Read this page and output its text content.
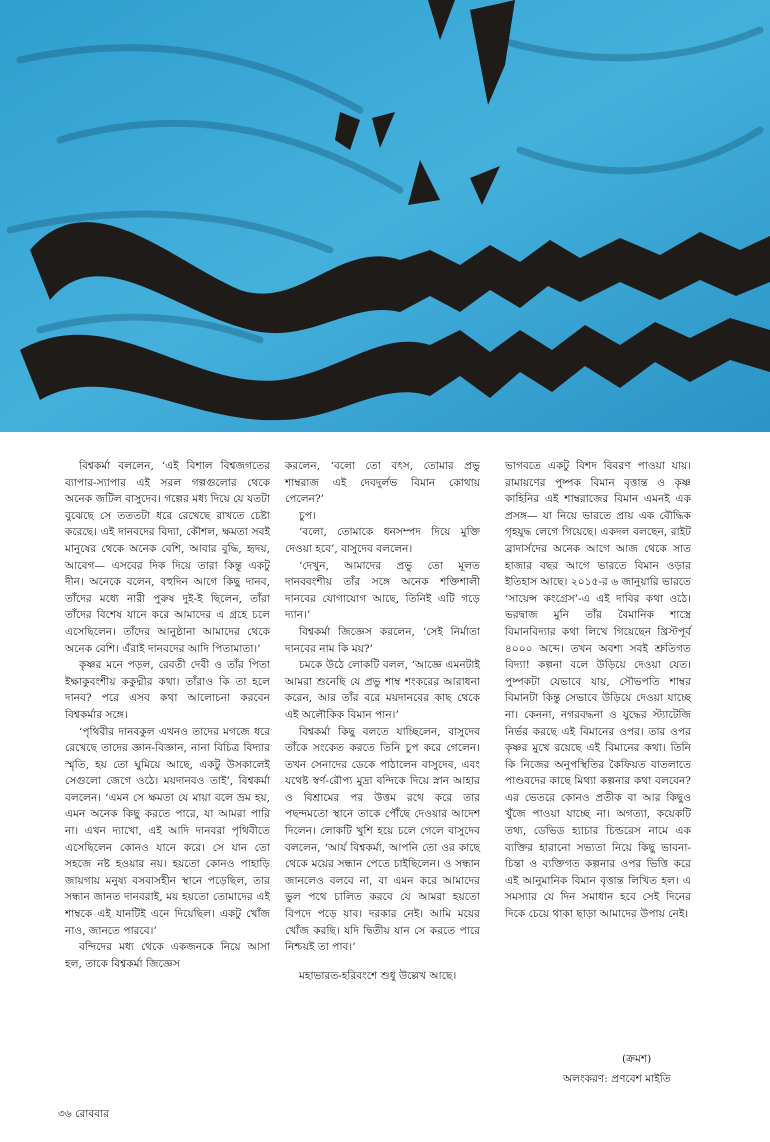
বিশ্বকর্মা বললেন, ‘এই বিশাল বিশ্বজগতের ব্যাপার-স্যাপার এই সরল গল্পগুলোর থেকে অনেক জটিল বাসুদেব। গল্পের মধ্য দিয়ে যে যতটা বুঝেছে সে তততটা ধরে রেখেছে রাখতে চেষ্টা করেছে। এই দানবদের বিদ্যা, কৌশল, ক্ষমতা সবই মানুষের থেকে অনেক বেশি, আবার বুদ্ধি, হৃদয়, আবেগ— এসবের দিক দিয়ে তারা কিন্তু একটু দীন। অনেকে বলেন, বহুদিন আগে কিছু দানব, তাঁদের মধ্যে নারী পুরুষ দুই-ই ছিলেন, তাঁরা তাঁদের বিশেষ যানে করে আমাদের এ গ্রহে চলে এসেছিলেন। তাঁদের আনুষ্ঠানা আমাদের থেকে অনেক বেশি। এঁরাই দানবদের আদি পিতামাতা।’

কৃষ্ণর মনে পড়ল, রেবতী দেবী ও তাঁর পিতা ইক্ষাকুবংশীয় ককুদ্মীর কথা। তাঁরাও কি তা হলে দানব? পরে এসব কথা আলোচনা করবেন বিশ্বকর্মার সঙ্গে।

‘পৃথিবীর দানবকুল এখনও তাদের মগজে ধরে রেখেছে তাদের জ্ঞান-বিজ্ঞান, নানা বিচিত্র বিদ্যার স্মৃতি, হয় তো ঘুমিয়ে আছে, একটু উসকালেই সেগুলো জেগে ওঠে। ময়দানবও তাই’, বিশ্বকর্মা বললেন। ‘এমন সে ক্ষমতা যে মায়া বলে ভ্রম হয়, এমন অনেক কিছু করতে পারে, যা আমরা পারি না। এখন দ্যাখো, এই আদি দানবরা পৃথিবীতে এসেছিলেন কোনও যানে করে। সে যান তো সহজে নষ্ট হওয়ার নয়। হয়তো কোনও পাহাড়ি জায়গায় মনুষ্য বসবাসহীন স্থানে পড়েছিল, তার সন্ধান জানত দানবরাই, ময় হয়তো তোমাদের এই শাম্বকে এই যানটিই এনে দিয়েছিল। একটু খোঁজ নাও, জানতে পারবে।’

বন্দিদের মধ্য থেকে একজনকে নিয়ে আসা হল, তাকে বিশ্বকর্মা জিজ্ঞেস

করলেন, ‘বলো তো বৎস, তোমার প্রভু শাম্বরাজ এই দেবদুর্লভ বিমান কোথায় পেলেন?’

চুপ।

‘বলো, তোমাকে ধনসম্পদ দিয়ে মুক্তি দেওয়া হবে’, বাসুদেব বললেন।

‘দেখুন, আমাদের প্রভু তো মূলত দানববংশীয় তাঁর সঙ্গে অনেক শক্তিশালী দানবের যোগাযোগ আছে, তিনিই এটি গড়ে দ্যান।’

বিশ্বকর্মা জিজ্ঞেস করলেন, ‘সেই নির্মাতা দানবের নাম কি ময়?’

চমকে উঠে লোকটি বলল, ‘আজ্ঞে এমনটাই আমরা শুনেছি যে প্রভু শাম্ব শংকরের আরাধনা করেন, আর তাঁর বরে ময়দানবের কাছ থেকে এই অলৌকিক বিমান পান।’

বিশ্বকর্মা কিছু বলতে যাচ্ছিলেন, বাসুদেব তাঁকে সংকেত করতে তিনি চুপ করে গেলেন। তখন সেনাদের ডেকে পাঠালেন বাসুদেব, এবং যথেষ্ট স্বর্ণ-রৌপ্য মুদ্রা বন্দিকে দিয়ে স্নান আহার ও বিশ্রামের পর উত্তম রথে করে তার পছন্দমতো স্থানে তাকে পৌঁছে দেওয়ার আদেশ দিলেন। লোকটি খুশি হয়ে চলে গেলে বাসুদেব বললেন, ‘আর্য বিশ্বকর্মা, আপনি তো ওর কাছে থেকে ময়ের সন্ধান পেতে চাইছিলেন। ও সন্ধান জানলেও বলবে না, বা এমন করে আমাদের ভুল পথে চালিত করবে যে আমরা হয়তো বিপদে পড়ে যাব। দরকার নেই। আমি ময়ের খোঁজ করছি। যদি দ্বিতীয় যান সে করতে পারে নিশ্চয়ই তা পাব।’

মহাভারত-হরিবংশে শুধু উল্লেখ আছে।

ভাগবতে একটু বিশদ বিবরণ পাওয়া যায়। রামায়ণের পুষ্পক বিমান বৃত্তান্ত ও কৃষ্ণ কাহিনির এই শাম্বরাজের বিমান এমনই এক প্রসঙ্গ— যা নিয়ে ভারতে প্রায় এক বৌদ্ধিক গৃহযুদ্ধ লেগে গিয়েছে। একদল বলছেন, রাইট ব্রাদার্সদের অনেক আগে আজ থেকে সাত হাজার বছর আগে ভারতে বিমান ওড়ার ইতিহাস আছে। ২০১৫-র ৬ জানুয়ারি ভারতে ‘সায়েন্স কংগ্রেস’-এ এই দাবির কথা ওঠে। ভরদ্বাজ মুনি তাঁর বৈমানিক শাস্ত্রে বিমানবিদ্যার কথা লিখে গিয়েছেন খ্রিস্টপূর্ব ৪০০০ অব্দে। তখন অবশ্য সবই শ্রুতিগত বিদ্যা! কল্পনা বলে উড়িয়ে দেওয়া যেত। পুষ্পকটা যেভাবে যায়, সৌভপতি শাম্বর বিমানটা কিন্তু সেভাবে উড়িয়ে দেওয়া যাচ্ছে না। কেননা, নগরবদ্ধনা ও যুদ্ধের স্ট্যাটেজি নির্ভর করছে এই বিমানের ওপর। তার ওপর কৃষ্ণর মুখে রয়েছে এই বিমানের কথা। তিনি কি নিজের অনুপস্থিতির কৈফিয়ত বাতলাতে পাণ্ডবদের কাছে মিথ্যা কল্পনার কথা বলবেন? এর ভেতরে কোনও প্রতীক বা আর কিছুও খুঁজে পাওয়া যাচ্ছে না। অগত্যা, কয়েকটি তথ্য, ডেভিড হ্যাচার চিল্ডরেস নামে এক ব্যক্তির হারানো সভ্যতা নিয়ে কিছু ভাবনা-চিন্তা ও ব্যক্তিগত কল্পনার ওপর ভিত্তি করে এই আনুমানিক বিমান বৃত্তান্ত লিখিত হল। এ সমস্যার যে দিন সমাধান হবে সেই দিনের দিকে চেয়ে থাকা ছাড়া আমাদের উপায় নেই।

(ক্রমশ)
অলংকরণ: প্রণবেশ মাইতি
৩৬ রোববার
